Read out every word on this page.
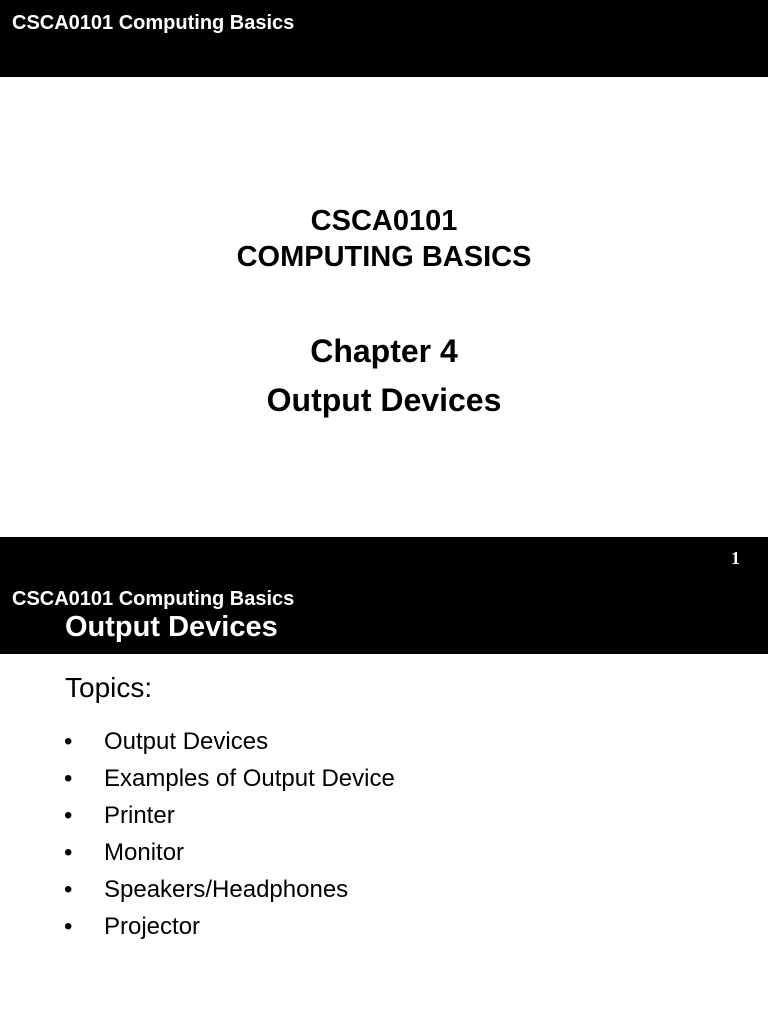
CSCA0101 Computing Basics
CSCA0101
COMPUTING BASICS
Chapter 4
Output Devices
1
CSCA0101 Computing Basics
Output Devices
Topics:
• Output Devices
• Examples of Output Device
• Printer
• Monitor
• Speakers/Headphones
• Projector
